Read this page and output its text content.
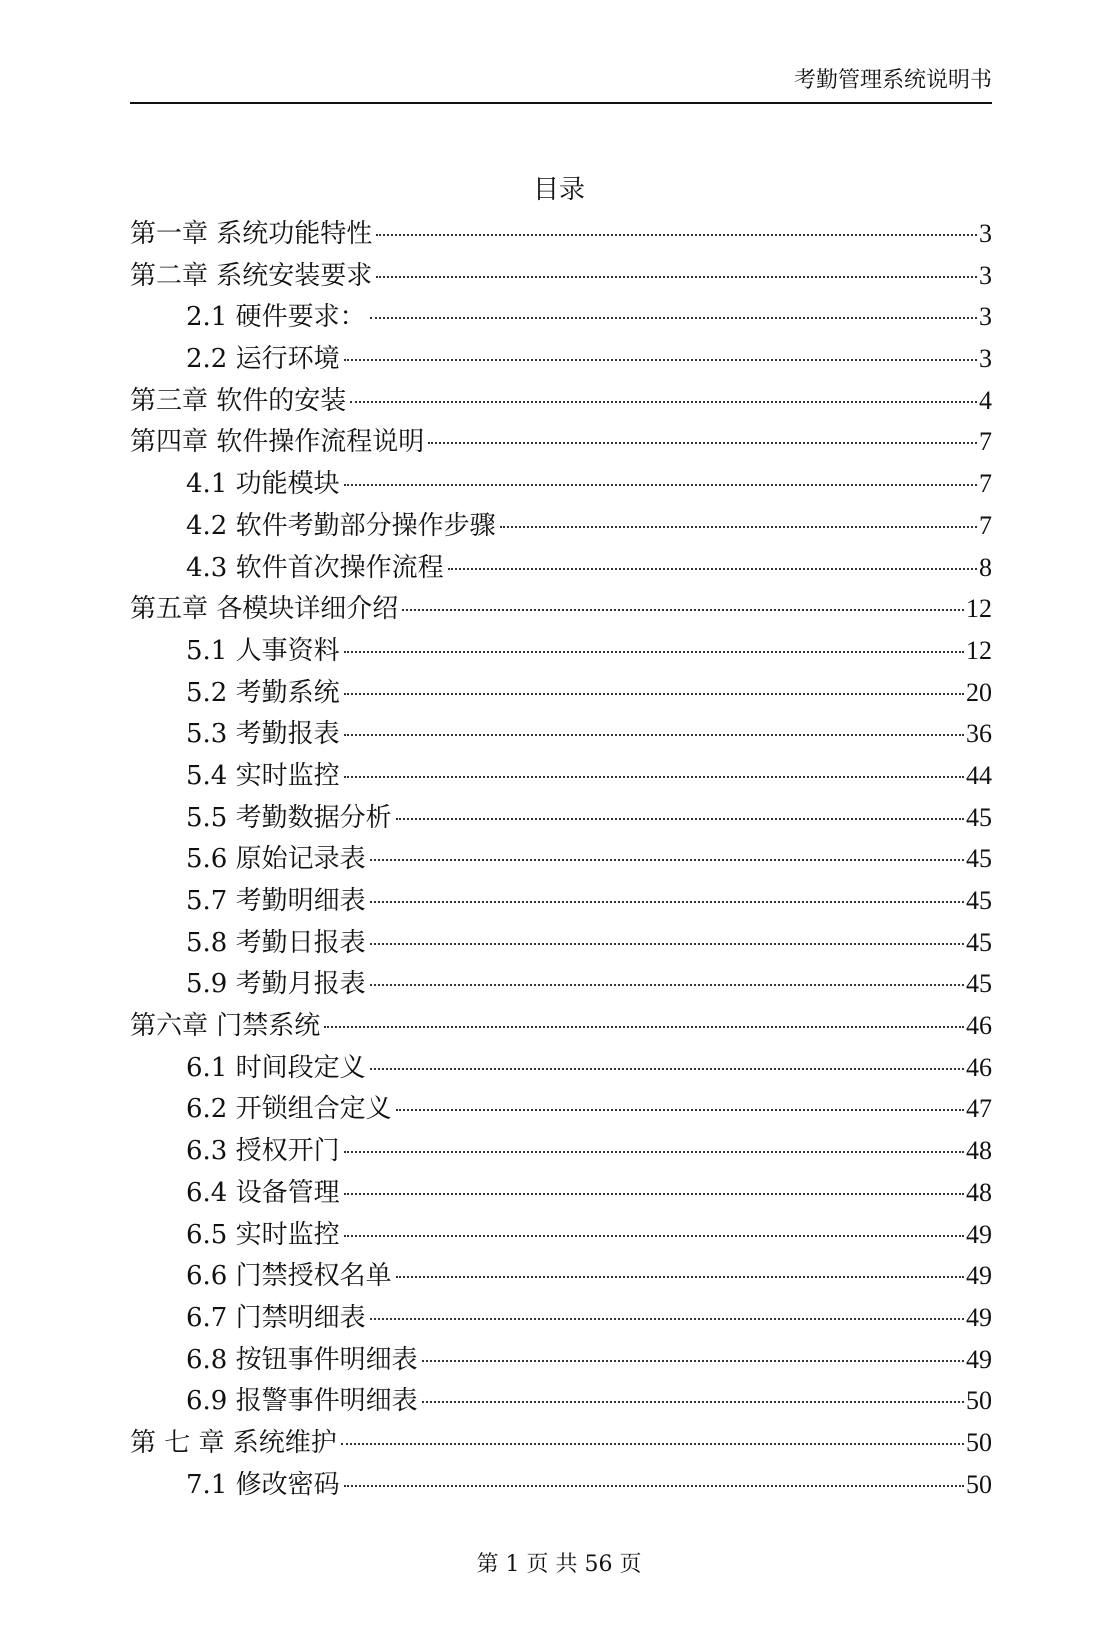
考勤管理系统说明书
目录
第一章 系统功能特性	3
第二章 系统安装要求	3
2.1 硬件要求：	3
2.2 运行环境	3
第三章 软件的安装	4
第四章 软件操作流程说明	7
4.1 功能模块	7
4.2 软件考勤部分操作步骤	7
4.3 软件首次操作流程	8
第五章 各模块详细介绍	12
5.1 人事资料	12
5.2 考勤系统	20
5.3 考勤报表	36
5.4 实时监控	44
5.5 考勤数据分析	45
5.6 原始记录表	45
5.7 考勤明细表	45
5.8 考勤日报表	45
5.9 考勤月报表	45
第六章 门禁系统	46
6.1 时间段定义	46
6.2 开锁组合定义	47
6.3 授权开门	48
6.4 设备管理	48
6.5 实时监控	49
6.6 门禁授权名单	49
6.7 门禁明细表	49
6.8 按钮事件明细表	49
6.9 报警事件明细表	50
第 七 章 系统维护	50
7.1 修改密码	50
第 1 页 共 56 页
